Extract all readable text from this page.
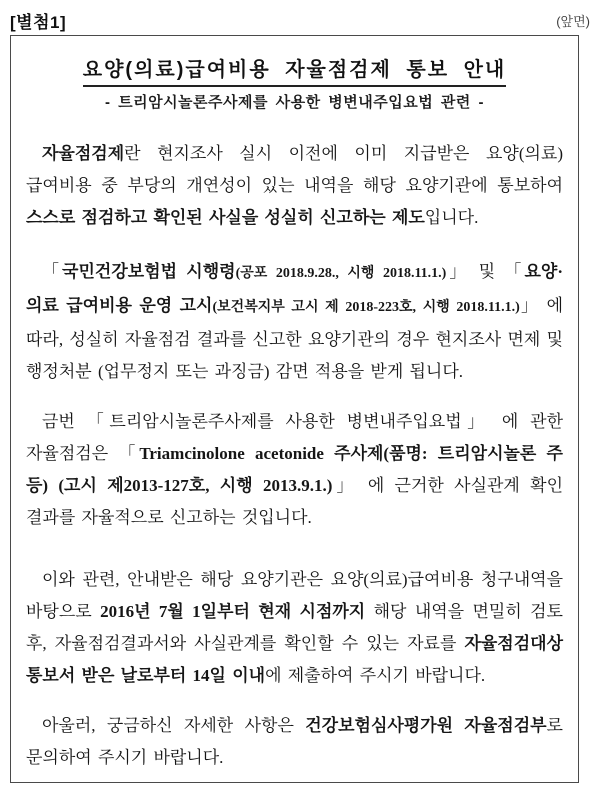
[별첨1]	(앞면)
요양(의료)급여비용 자율점검제 통보 안내
- 트리암시놀론주사제를 사용한 병변내주입요법 관련 -

자율점검제란 현지조사 실시 이전에 이미 지급받은 요양(의료)급여비용 중 부당의 개연성이 있는 내역을 해당 요양기관에 통보하여 스스로 점검하고 확인된 사실을 성실히 신고하는 제도입니다.

「국민건강보험법 시행령(공포 2018.9.28., 시행 2018.11.1.)」 및 「요양·의료 급여비용 운영 고시(보건복지부 고시 제 2018-223호, 시행 2018.11.1.)」 에 따라, 성실히 자율점검 결과를 신고한 요양기관의 경우 현지조사 면제 및 행정처분 (업무정지 또는 과징금) 감면 적용을 받게 됩니다.

금번 「트리암시놀론주사제를 사용한 병변내주입요법」 에 관한 자율점검은 「Triamcinolone acetonide 주사제(품명: 트리암시놀론 주 등) (고시 제2013-127호, 시행 2013.9.1.)」 에 근거한 사실관계 확인 결과를 자율적으로 신고하는 것입니다.

이와 관련, 안내받은 해당 요양기관은 요양(의료)급여비용 청구내역을 바탕으로 2016년 7월 1일부터 현재 시점까지 해당 내역을 면밀히 검토 후, 자율점검결과서와 사실관계를 확인할 수 있는 자료를 자율점검대상 통보서 받은 날로부터 14일 이내에 제출하여 주시기 바랍니다.

아울러, 궁금하신 자세한 사항은 건강보험심사평가원 자율점검부로 문의하여 주시기 바랍니다.
